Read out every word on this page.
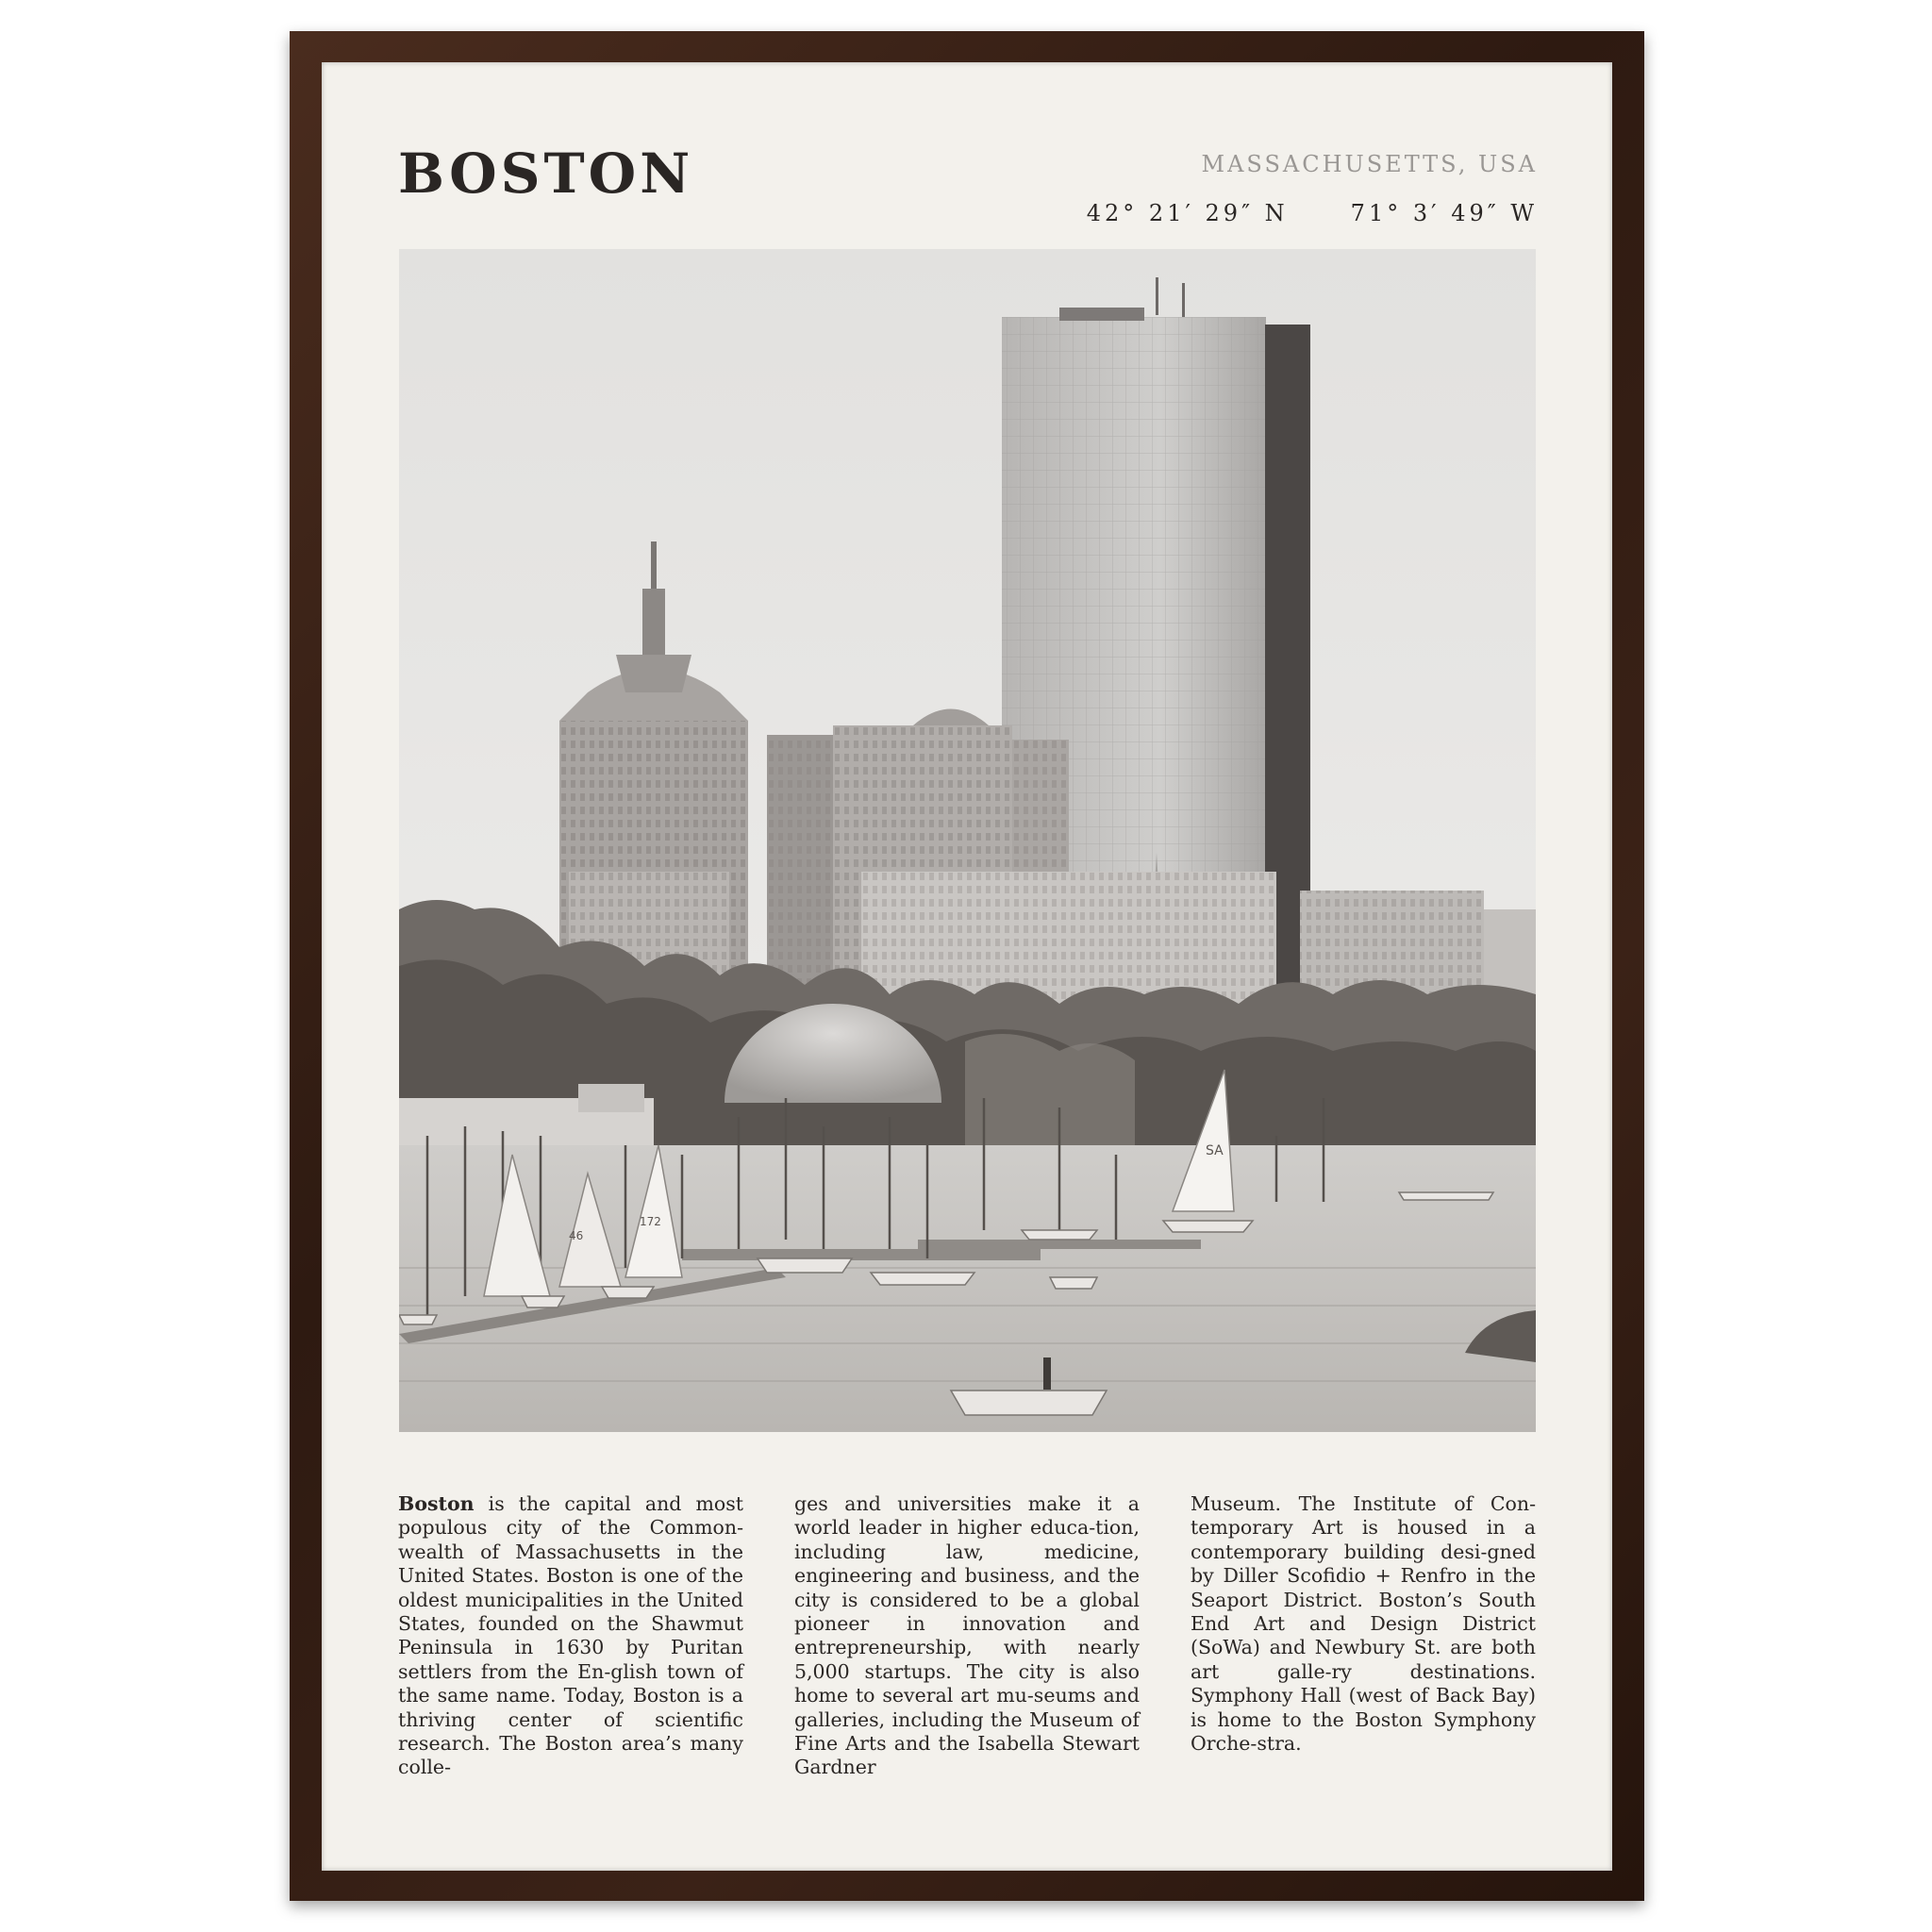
BOSTON	MASSACHUSETTS, USA
42° 21′ 29″ N	71° 3′ 49″ W
SA
46
172

Boston is the capital and most populous city of the Common-wealth of Massachusetts in the United States. Boston is one of the oldest municipalities in the United States, founded on the Shawmut Peninsula in 1630 by Puritan settlers from the En-glish town of the same name. Today, Boston is a thriving center of scientific research. The Boston area’s many colle-

ges and universities make it a world leader in higher educa-tion, including law, medicine, engineering and business, and the city is considered to be a global pioneer in innovation and entrepreneurship, with nearly 5,000 startups. The city is also home to several art mu-seums and galleries, including the Museum of Fine Arts and the Isabella Stewart Gardner

Museum. The Institute of Con-temporary Art is housed in a contemporary building desi-gned by Diller Scofidio + Renfro in the Seaport District. Boston’s South End Art and Design District (SoWa) and Newbury St. are both art galle-ry destinations. Symphony Hall (west of Back Bay) is home to the Boston Symphony Orche-stra.
